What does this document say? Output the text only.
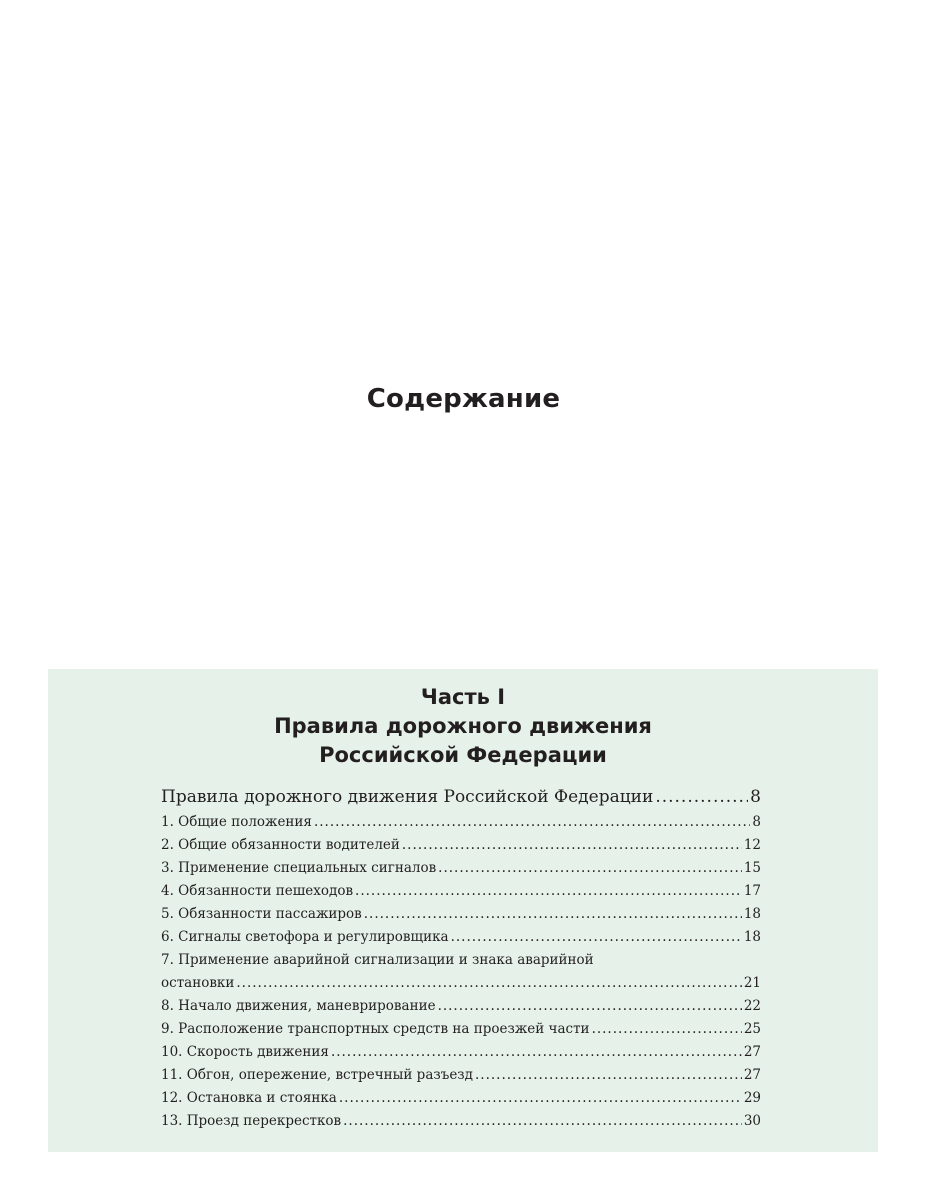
Содержание
Часть I
Правила дорожного движения
Российской Федерации
Правила дорожного движения Российской Федерации .....	8
1. Общие положения .....	8
2. Общие обязанности водителей .....	12
3. Применение специальных сигналов .....	15
4. Обязанности пешеходов .....	17
5. Обязанности пассажиров .....	18
6. Сигналы светофора и регулировщика .....	18
7. Применение аварийной сигнализации и знака аварийной
остановки .....	21
8. Начало движения, маневрирование .....	22
9. Расположение транспортных средств на проезжей части .....	25
10. Скорость движения .....	27
11. Обгон, опережение, встречный разъезд .....	27
12. Остановка и стоянка .....	29
13. Проезд перекрестков .....	30
